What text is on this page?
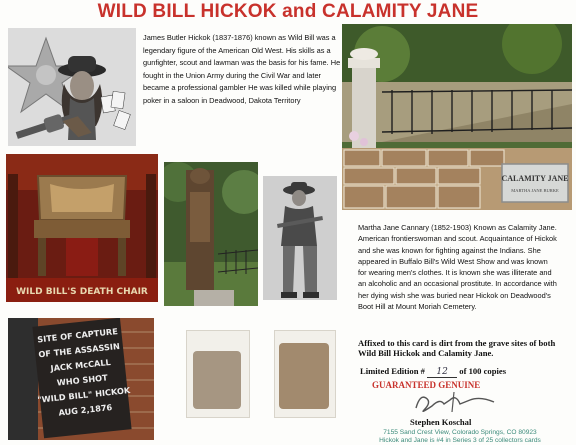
WILD BILL HICKOK and CALAMITY JANE
James Butler Hickok (1837-1876) known as Wild Bill was a legendary figure of the American Old West. His skills as a gunfighter, scout and lawman was the basis for his fame. He fought in the Union Army during the Civil War and later became a professional gambler He was killed while playing poker in a saloon in Deadwood, Dakota Territory
CALAMITY JANE
MARTHA JANE BURKE
WILD BILL'S DEATH CHAIR
Martha Jane Cannary (1852-1903) Known as Calamity Jane. American frontierswoman and scout. Acquaintance of Hickok and she was known for fighting against the Indians. She appeared in Buffalo Bill's Wild West Show and was known for wearing men's clothes. It is known she was illiterate and an alcoholic and an occasional prostitute. In accordance with her dying wish she was buried near Hickok on Deadwood's Boot Hill at Mount Moriah Cemetery.
SITE OF CAPTURE
OF THE ASSASSIN
JACK McCALL
WHO SHOT
"WILD BILL" HICKOK
AUG 2,1876
Affixed to this card is dirt from the grave sites of both Wild Bill Hickok and Calamity Jane.
Limited Edition # 12 of 100 copies
GUARANTEED GENUINE
Stephen Koschal
7155 Sand Crest View, Colorado Springs, CO 80923
Hickok and Jane is #4 in Series 3 of 25 collectors cards
